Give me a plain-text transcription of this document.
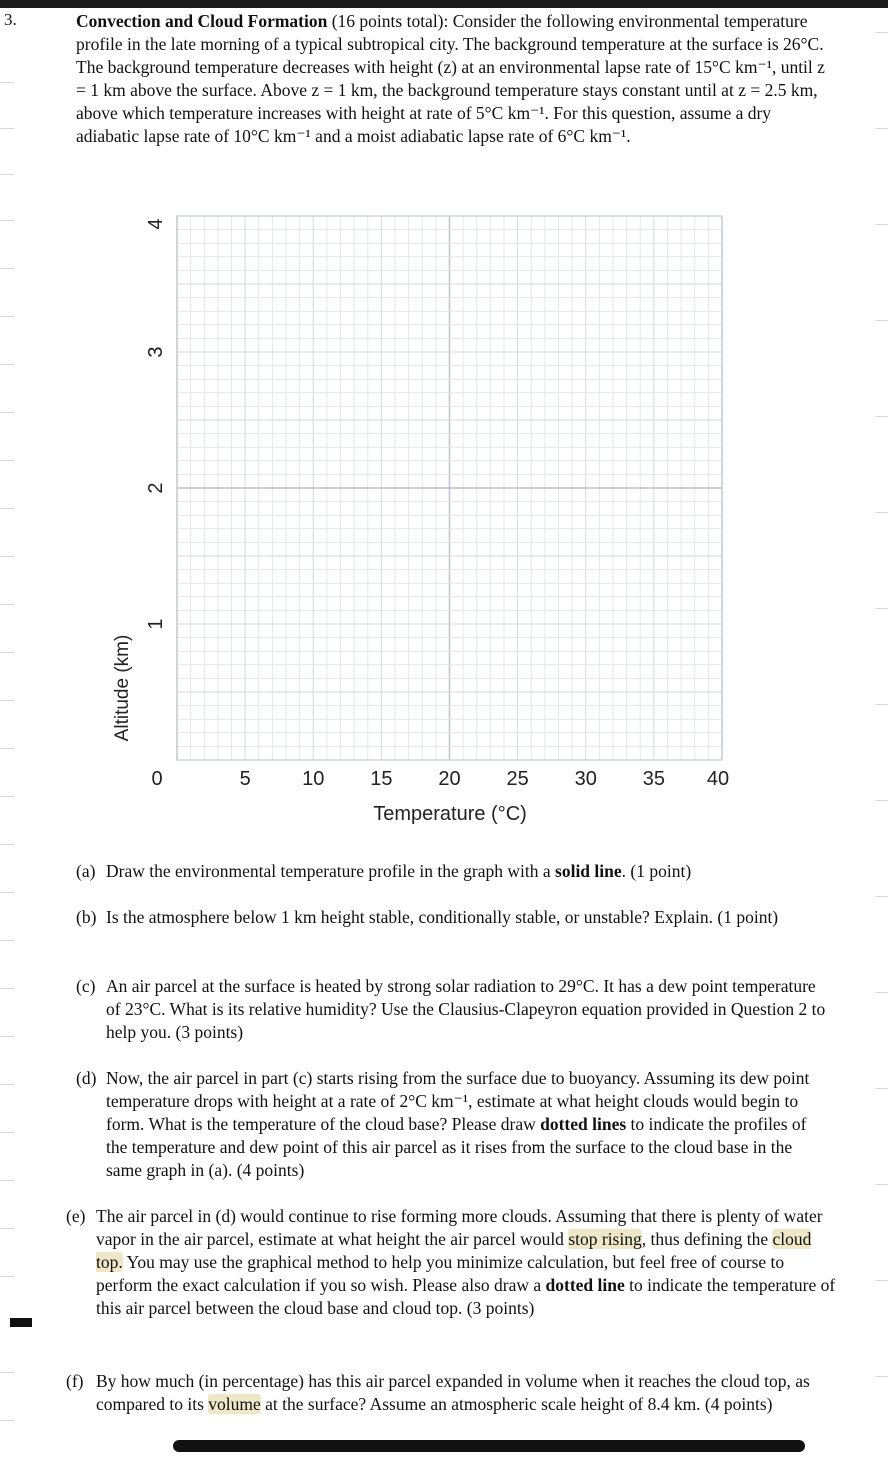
3.	Convection and Cloud Formation (16 points total): Consider the following environmental temperature profile in the late morning of a typical subtropical city. The background temperature at the surface is 26°C. The background temperature decreases with height (z) at an environmental lapse rate of 15°C km⁻¹, until z = 1 km above the surface. Above z = 1 km, the background temperature stays constant until at z = 2.5 km, above which temperature increases with height at rate of 5°C km⁻¹. For this question, assume a dry adiabatic lapse rate of 10°C km⁻¹ and a moist adiabatic lapse rate of 6°C km⁻¹.
0	5	10 15 20 25 30 35 40
1
2
3
4
Altitude (km)
Temperature (°C)
(a) Draw the environmental temperature profile in the graph with a solid line. (1 point)
(b) Is the atmosphere below 1 km height stable, conditionally stable, or unstable? Explain. (1 point)
(c) An air parcel at the surface is heated by strong solar radiation to 29°C. It has a dew point temperature of 23°C. What is its relative humidity? Use the Clausius-Clapeyron equation provided in Question 2 to help you. (3 points)
(d) Now, the air parcel in part (c) starts rising from the surface due to buoyancy. Assuming its dew point temperature drops with height at a rate of 2°C km⁻¹, estimate at what height clouds would begin to form. What is the temperature of the cloud base? Please draw dotted lines to indicate the profiles of the temperature and dew point of this air parcel as it rises from the surface to the cloud base in the same graph in (a). (4 points)
(e) The air parcel in (d) would continue to rise forming more clouds. Assuming that there is plenty of water vapor in the air parcel, estimate at what height the air parcel would stop rising, thus defining the cloud top. You may use the graphical method to help you minimize calculation, but feel free of course to perform the exact calculation if you so wish. Please also draw a dotted line to indicate the temperature of this air parcel between the cloud base and cloud top. (3 points)
(f) By how much (in percentage) has this air parcel expanded in volume when it reaches the cloud top, as compared to its volume at the surface? Assume an atmospheric scale height of 8.4 km. (4 points)
